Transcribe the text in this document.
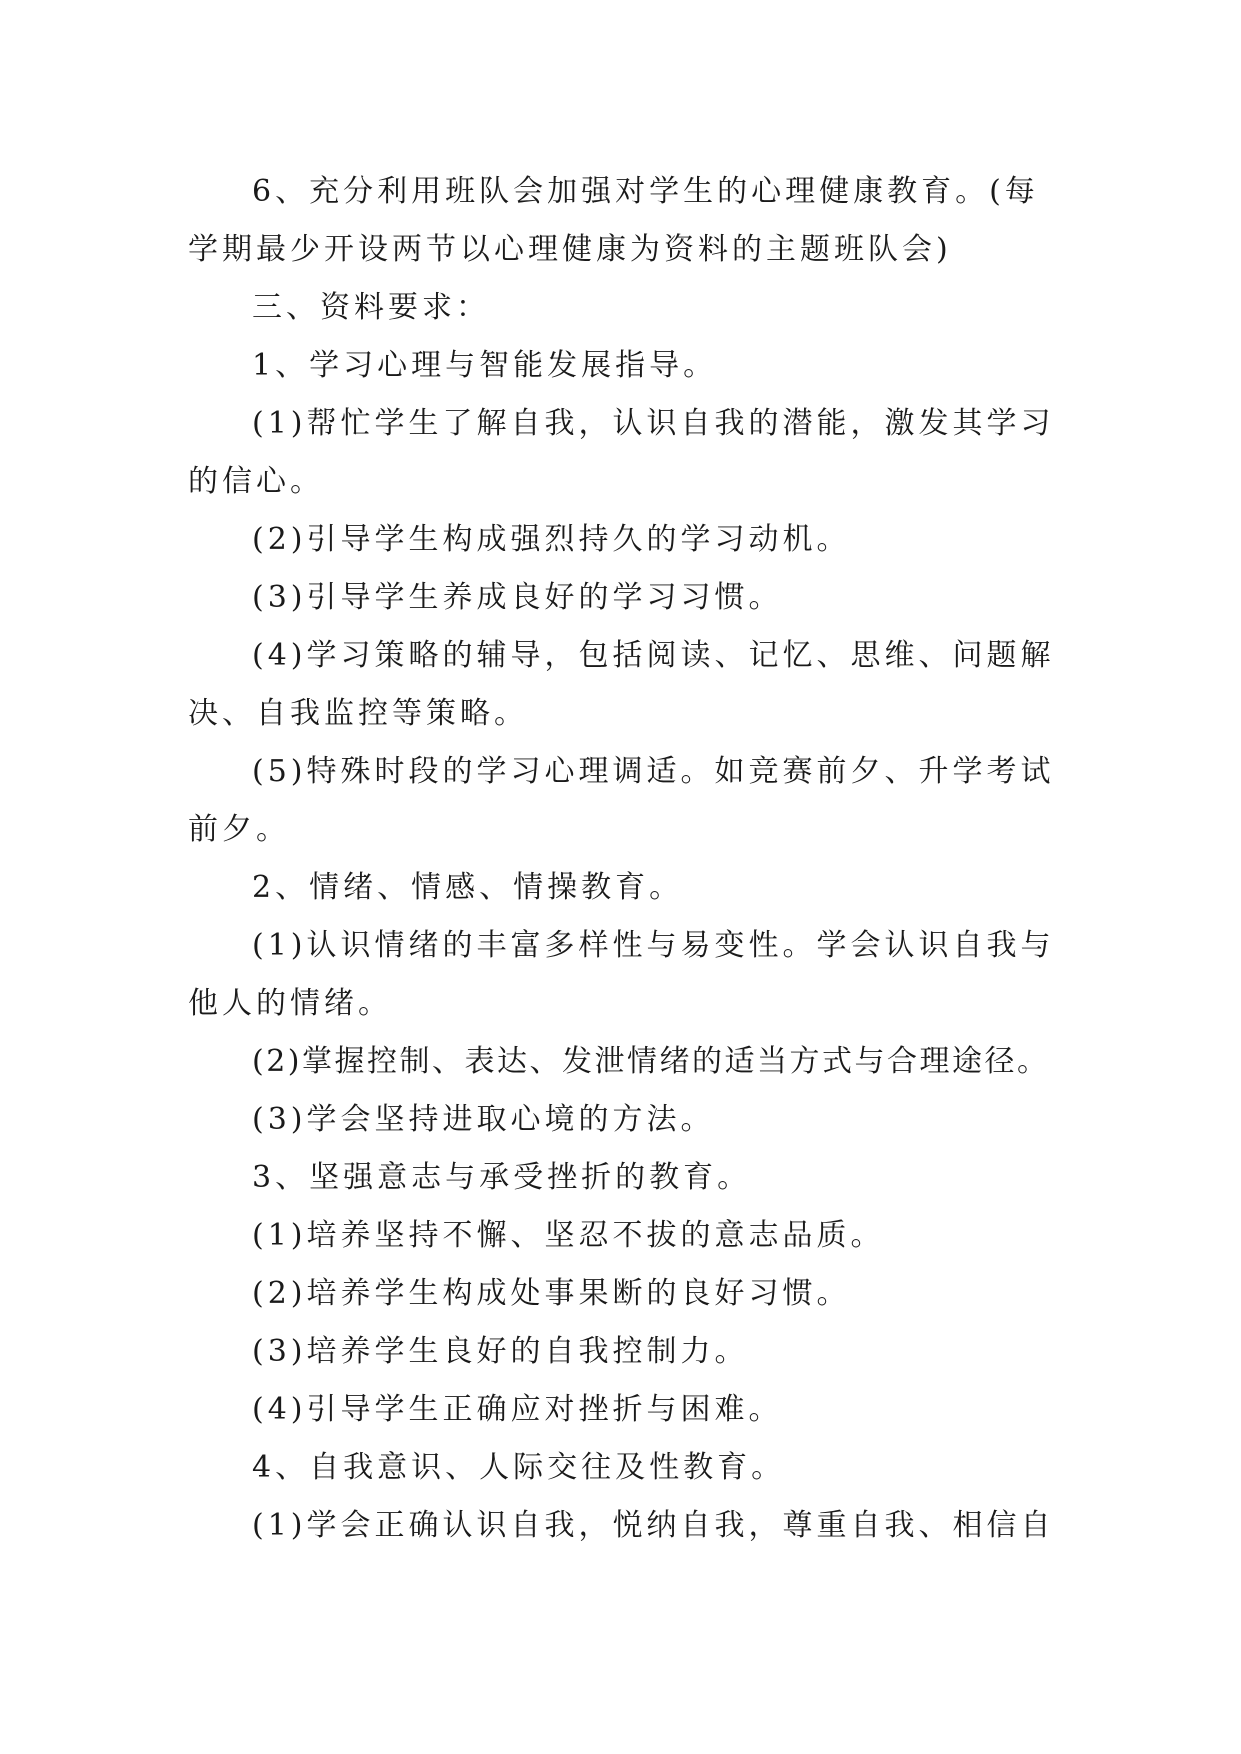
6、充分利用班队会加强对学生的心理健康教育。(每学期最少开设两节以心理健康为资料的主题班队会)

三、资料要求：

1、学习心理与智能发展指导。

(1)帮忙学生了解自我，认识自我的潜能，激发其学习的信心。

(2)引导学生构成强烈持久的学习动机。

(3)引导学生养成良好的学习习惯。

(4)学习策略的辅导，包括阅读、记忆、思维、问题解决、自我监控等策略。

(5)特殊时段的学习心理调适。如竞赛前夕、升学考试前夕。

2、情绪、情感、情操教育。

(1)认识情绪的丰富多样性与易变性。学会认识自我与他人的情绪。

(2)掌握控制、表达、发泄情绪的适当方式与合理途径。

(3)学会坚持进取心境的方法。

3、坚强意志与承受挫折的教育。

(1)培养坚持不懈、坚忍不拔的意志品质。

(2)培养学生构成处事果断的良好习惯。

(3)培养学生良好的自我控制力。

(4)引导学生正确应对挫折与困难。

4、自我意识、人际交往及性教育。

(1)学会正确认识自我，悦纳自我，尊重自我、相信自
